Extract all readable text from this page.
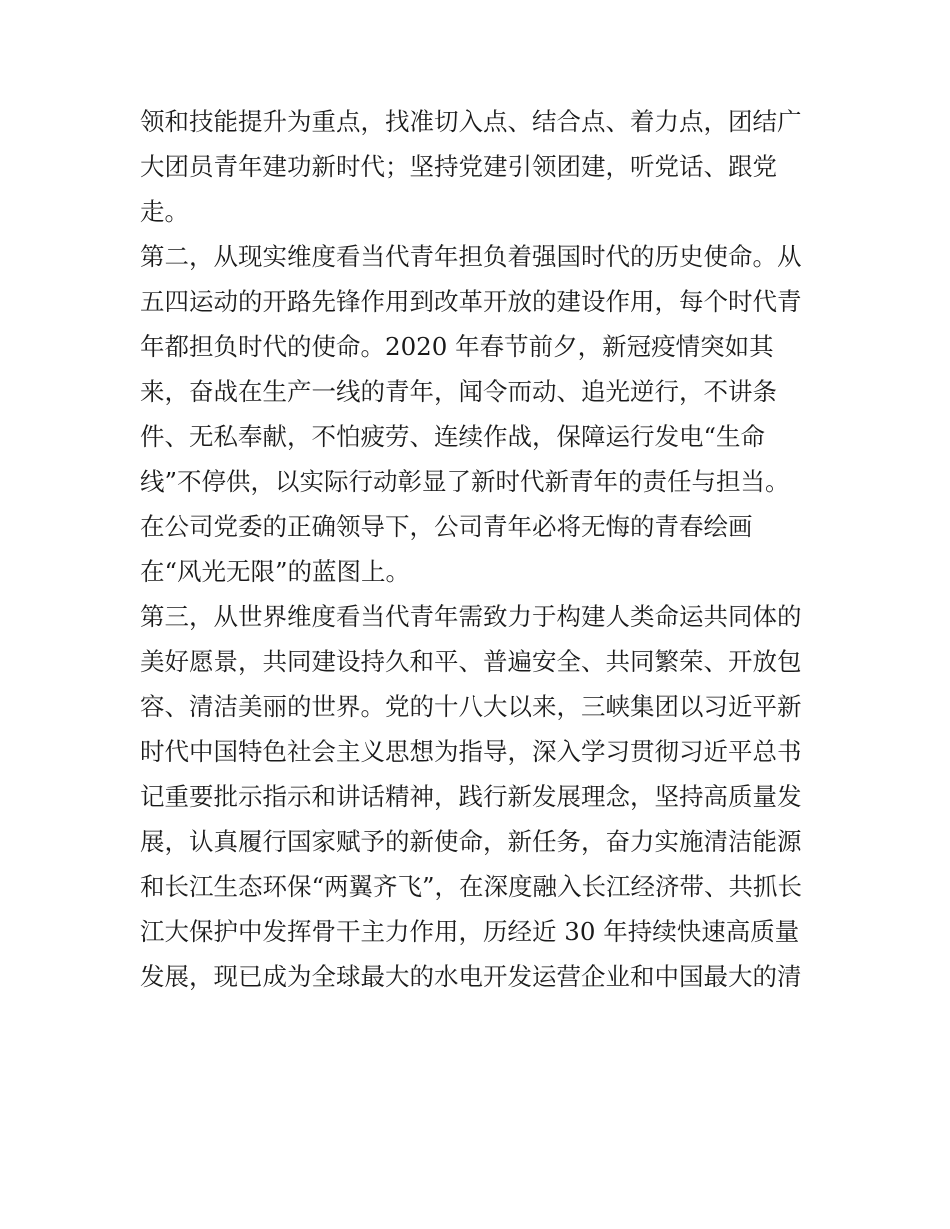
领和技能提升为重点，找准切入点、结合点、着力点，团结广
大团员青年建功新时代；坚持党建引领团建，听党话、跟党
走。
第二，从现实维度看当代青年担负着强国时代的历史使命。从
五四运动的开路先锋作用到改革开放的建设作用，每个时代青
年都担负时代的使命。2020 年春节前夕，新冠疫情突如其
来，奋战在生产一线的青年，闻令而动、追光逆行，不讲条
件、无私奉献，不怕疲劳、连续作战，保障运行发电“生命
线”不停供，以实际行动彰显了新时代新青年的责任与担当。
在公司党委的正确领导下，公司青年必将无悔的青春绘画
在“风光无限”的蓝图上。
第三，从世界维度看当代青年需致力于构建人类命运共同体的
美好愿景，共同建设持久和平、普遍安全、共同繁荣、开放包
容、清洁美丽的世界。党的十八大以来，三峡集团以习近平新
时代中国特色社会主义思想为指导，深入学习贯彻习近平总书
记重要批示指示和讲话精神，践行新发展理念，坚持高质量发
展，认真履行国家赋予的新使命，新任务，奋力实施清洁能源
和长江生态环保“两翼齐飞”，在深度融入长江经济带、共抓长
江大保护中发挥骨干主力作用，历经近 30 年持续快速高质量
发展，现已成为全球最大的水电开发运营企业和中国最大的清
